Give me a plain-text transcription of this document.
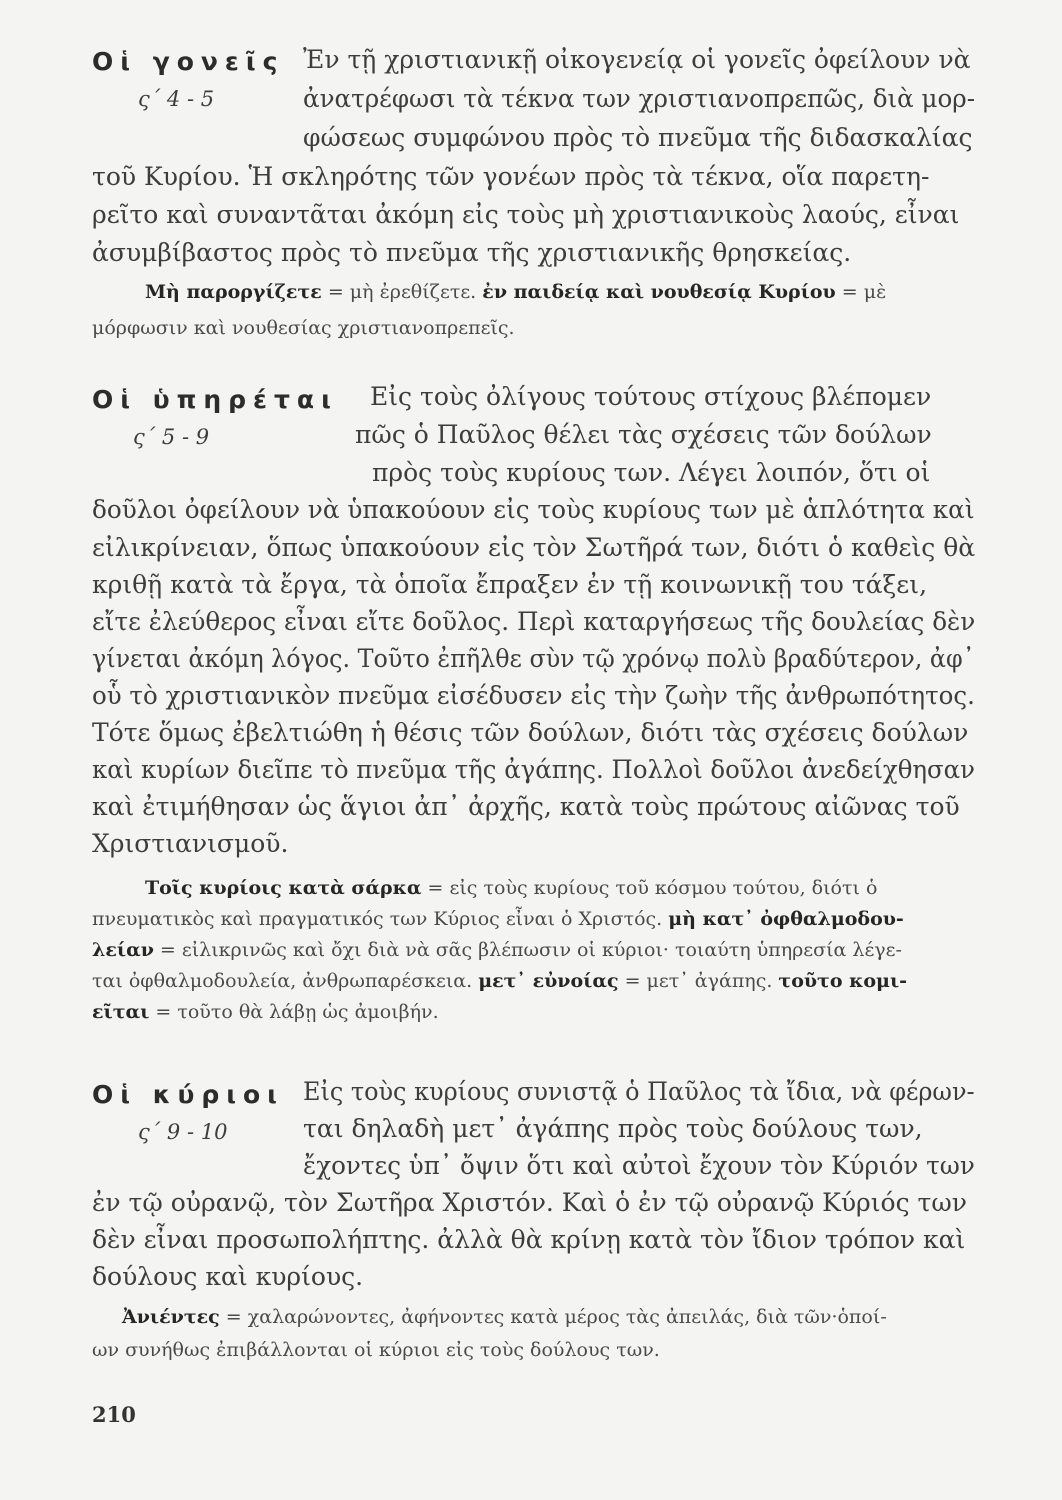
Οἱ γονεῖς
ς΄ 4 - 5
Ἐν τῇ χριστιανικῇ οἰκογενείᾳ οἱ γονεῖς ὀφείλουν νὰ
ἀνατρέφωσι τὰ τέκνα των χριστιανοπρεπῶς, διὰ μορ-
φώσεως συμφώνου πρὸς τὸ πνεῦμα τῆς διδασκαλίας
τοῦ Κυρίου. Ἡ σκληρότης τῶν γονέων πρὸς τὰ τέκνα, οἵα παρετη-
ρεῖτο καὶ συναντᾶται ἀκόμη εἰς τοὺς μὴ χριστιανικοὺς λαούς, εἶναι
ἀσυμβίβαστος πρὸς τὸ πνεῦμα τῆς χριστιανικῆς θρησκείας.
Μὴ παροργίζετε = μὴ ἐρεθίζετε. ἐν παιδείᾳ καὶ νουθεσίᾳ Κυρίου = μὲ
μόρφωσιν καὶ νουθεσίας χριστιανοπρεπεῖς.
Οἱ ὑπηρέται
ς΄ 5 - 9
Εἰς τοὺς ὀλίγους τούτους στίχους βλέπομεν
πῶς ὁ Παῦλος θέλει τὰς σχέσεις τῶν δούλων
πρὸς τοὺς κυρίους των. Λέγει λοιπόν, ὅτι οἱ
δοῦλοι ὀφείλουν νὰ ὑπακούουν εἰς τοὺς κυρίους των μὲ ἁπλότητα καὶ
εἰλικρίνειαν, ὅπως ὑπακούουν εἰς τὸν Σωτῆρά των, διότι ὁ καθεὶς θὰ
κριθῇ κατὰ τὰ ἔργα, τὰ ὁποῖα ἔπραξεν ἐν τῇ κοινωνικῇ του τάξει,
εἴτε ἐλεύθερος εἶναι εἴτε δοῦλος. Περὶ καταργήσεως τῆς δουλείας δὲν
γίνεται ἀκόμη λόγος. Τοῦτο ἐπῆλθε σὺν τῷ χρόνῳ πολὺ βραδύτερον, ἀφ᾽
οὗ τὸ χριστιανικὸν πνεῦμα εἰσέδυσεν εἰς τὴν ζωὴν τῆς ἀνθρωπότητος.
Τότε ὅμως ἐβελτιώθη ἡ θέσις τῶν δούλων, διότι τὰς σχέσεις δούλων
καὶ κυρίων διεῖπε τὸ πνεῦμα τῆς ἀγάπης. Πολλοὶ δοῦλοι ἀνεδείχθησαν
καὶ ἐτιμήθησαν ὡς ἅγιοι ἀπ᾽ ἀρχῆς, κατὰ τοὺς πρώτους αἰῶνας τοῦ
Χριστιανισμοῦ.
Τοῖς κυρίοις κατὰ σάρκα = εἰς τοὺς κυρίους τοῦ κόσμου τούτου, διότι ὁ
πνευματικὸς καὶ πραγματικός των Κύριος εἶναι ὁ Χριστός. μὴ κατ᾽ ὀφθαλμοδου-
λείαν = εἰλικρινῶς καὶ ὄχι διὰ νὰ σᾶς βλέπωσιν οἱ κύριοι· τοιαύτη ὑπηρεσία λέγε-
ται ὀφθαλμοδουλεία, ἀνθρωπαρέσκεια. μετ᾽ εὐνοίας = μετ᾽ ἀγάπης. τοῦτο κομι-
εῖται = τοῦτο θὰ λάβῃ ὡς ἀμοιβήν.
Οἱ κύριοι
ς΄ 9 - 10
Εἰς τοὺς κυρίους συνιστᾷ ὁ Παῦλος τὰ ἴδια, νὰ φέρων-
ται δηλαδὴ μετ᾽ ἀγάπης πρὸς τοὺς δούλους των,
ἔχοντες ὑπ᾽ ὄψιν ὅτι καὶ αὐτοὶ ἔχουν τὸν Κύριόν των
ἐν τῷ οὐρανῷ, τὸν Σωτῆρα Χριστόν. Καὶ ὁ ἐν τῷ οὐρανῷ Κύριός των
δὲν εἶναι προσωπολήπτης. ἀλλὰ θὰ κρίνῃ κατὰ τὸν ἴδιον τρόπον καὶ
δούλους καὶ κυρίους.
Ἀνιέντες = χαλαρώνοντες, ἀφήνοντες κατὰ μέρος τὰς ἀπειλάς, διὰ τῶν·ὁποί-
ων συνήθως ἐπιβάλλονται οἱ κύριοι εἰς τοὺς δούλους των.
210
